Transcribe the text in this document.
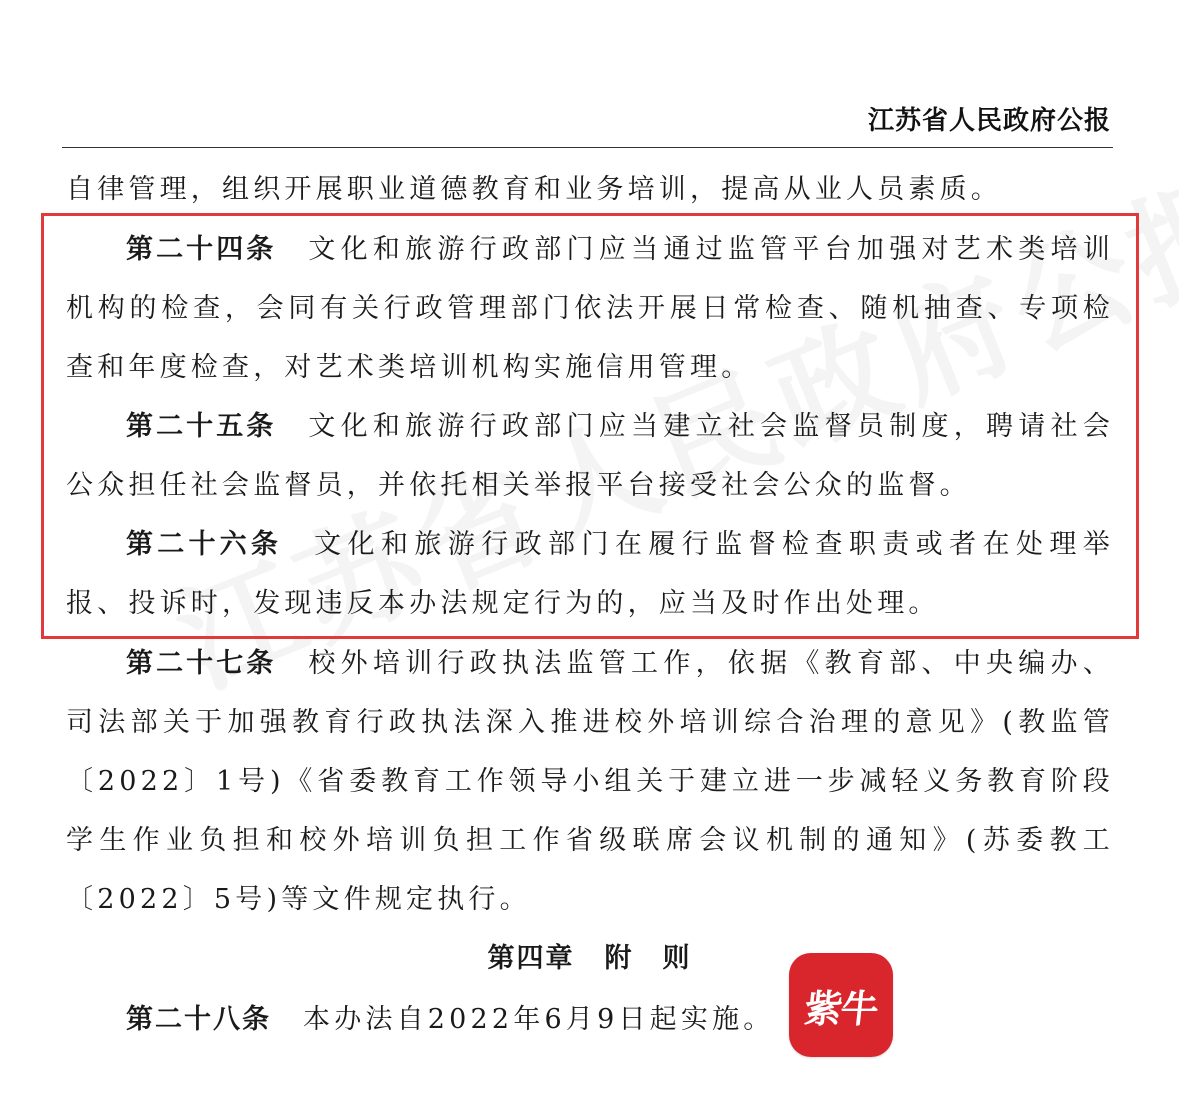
江苏省人民政府公报

自律管理，组织开展职业道德教育和业务培训，提高从业人员素质。

第二十四条 文化和旅游行政部门应当通过监管平台加强对艺术类培训机构的检查，会同有关行政管理部门依法开展日常检查、随机抽查、专项检查和年度检查，对艺术类培训机构实施信用管理。

第二十五条 文化和旅游行政部门应当建立社会监督员制度，聘请社会公众担任社会监督员，并依托相关举报平台接受社会公众的监督。

第二十六条 文化和旅游行政部门在履行监督检查职责或者在处理举报、投诉时，发现违反本办法规定行为的，应当及时作出处理。

第二十七条 校外培训行政执法监管工作，依据《教育部、中央编办、司法部关于加强教育行政执法深入推进校外培训综合治理的意见》(教监管〔2022〕1号)《省委教育工作领导小组关于建立进一步减轻义务教育阶段学生作业负担和校外培训负担工作省级联席会议机制的通知》(苏委教工〔2022〕5号)等文件规定执行。

第四章 附　则

第二十八条 本办法自2022年6月9日起实施。 紫牛
